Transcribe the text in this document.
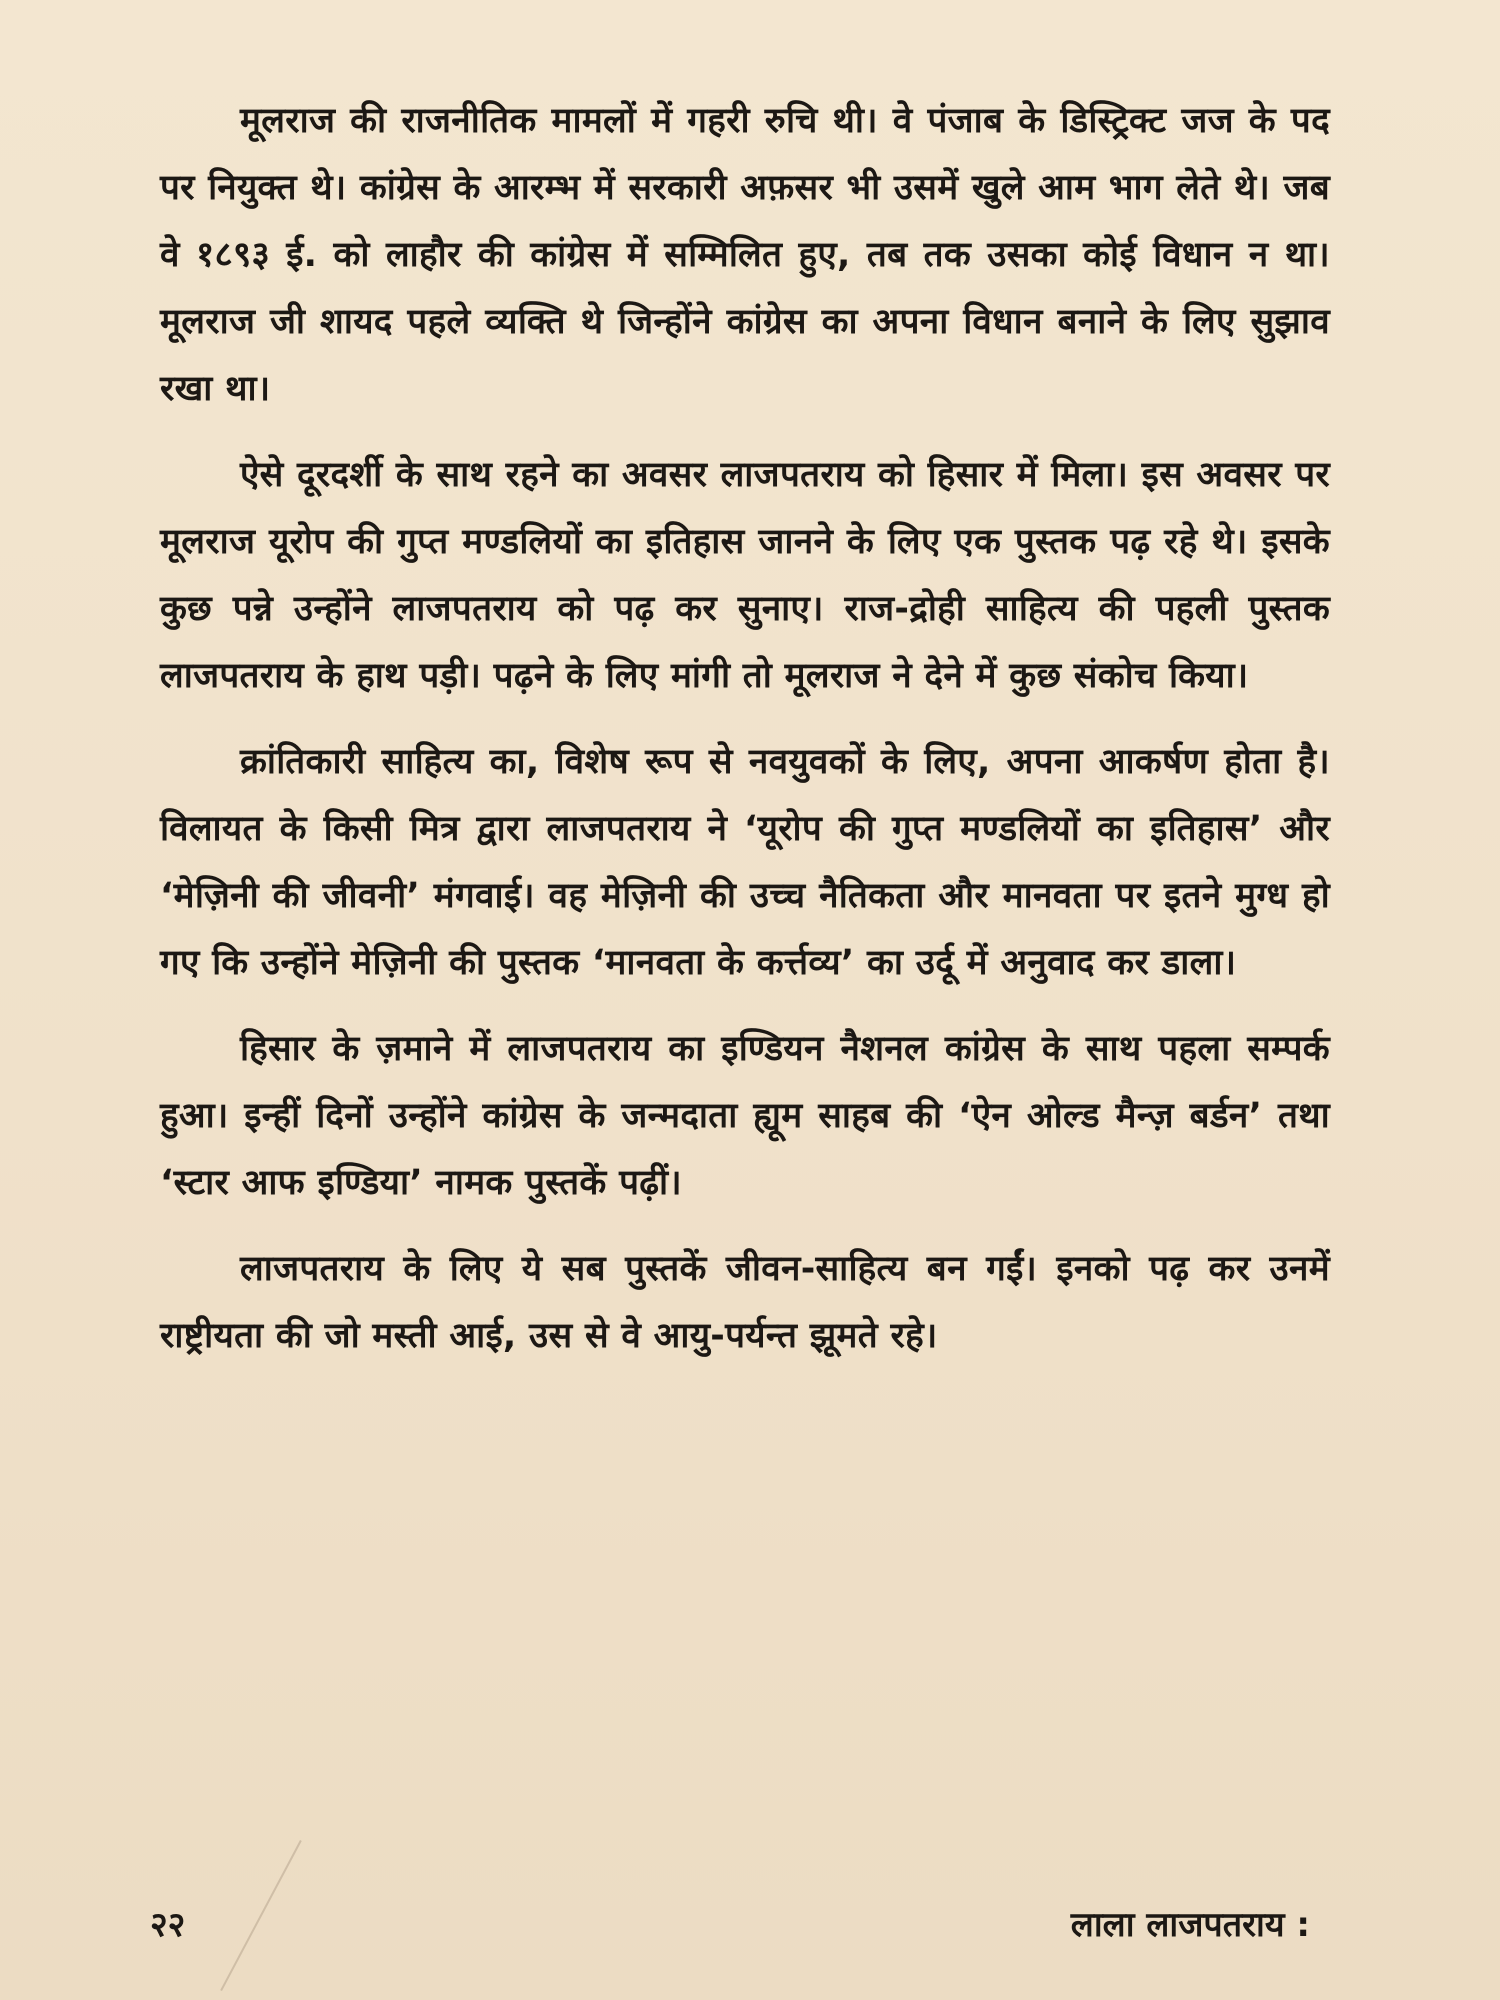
मूलराज की राजनीतिक मामलों में गहरी रुचि थी। वे पंजाब के डिस्ट्रिक्ट जज के पद पर नियुक्त थे। कांग्रेस के आरम्भ में सरकारी अफ़सर भी उसमें खुले आम भाग लेते थे। जब वे १८९३ ई. को लाहौर की कांग्रेस में सम्मिलित हुए, तब तक उसका कोई विधान न था। मूलराज जी शायद पहले व्यक्ति थे जिन्होंने कांग्रेस का अपना विधान बनाने के लिए सुझाव रखा था।

ऐसे दूरदर्शी के साथ रहने का अवसर लाजपतराय को हिसार में मिला। इस अवसर पर मूलराज यूरोप की गुप्त मण्डलियों का इतिहास जानने के लिए एक पुस्तक पढ़ रहे थे। इसके कुछ पन्ने उन्होंने लाजपतराय को पढ़ कर सुनाए। राज-द्रोही साहित्य की पहली पुस्तक लाजपतराय के हाथ पड़ी। पढ़ने के लिए मांगी तो मूलराज ने देने में कुछ संकोच किया।

क्रांतिकारी साहित्य का, विशेष रूप से नवयुवकों के लिए, अपना आकर्षण होता है। विलायत के किसी मित्र द्वारा लाजपतराय ने ‘यूरोप की गुप्त मण्डलियों का इतिहास’ और ‘मेज़िनी की जीवनी’ मंगवाई। वह मेज़िनी की उच्च नैतिकता और मानवता पर इतने मुग्ध हो गए कि उन्होंने मेज़िनी की पुस्तक ‘मानवता के कर्त्तव्य’ का उर्दू में अनुवाद कर डाला।

हिसार के ज़माने में लाजपतराय का इण्डियन नैशनल कांग्रेस के साथ पहला सम्पर्क हुआ। इन्हीं दिनों उन्होंने कांग्रेस के जन्मदाता ह्यूम साहब की ‘ऐन ओल्ड मैन्ज़ बर्डन’ तथा ‘स्टार आफ इण्डिया’ नामक पुस्तकें पढ़ीं।

लाजपतराय के लिए ये सब पुस्तकें जीवन-साहित्य बन गईं। इनको पढ़ कर उनमें राष्ट्रीयता की जो मस्ती आई, उस से वे आयु-पर्यन्त झूमते रहे।

२२	लाला लाजपतराय :
